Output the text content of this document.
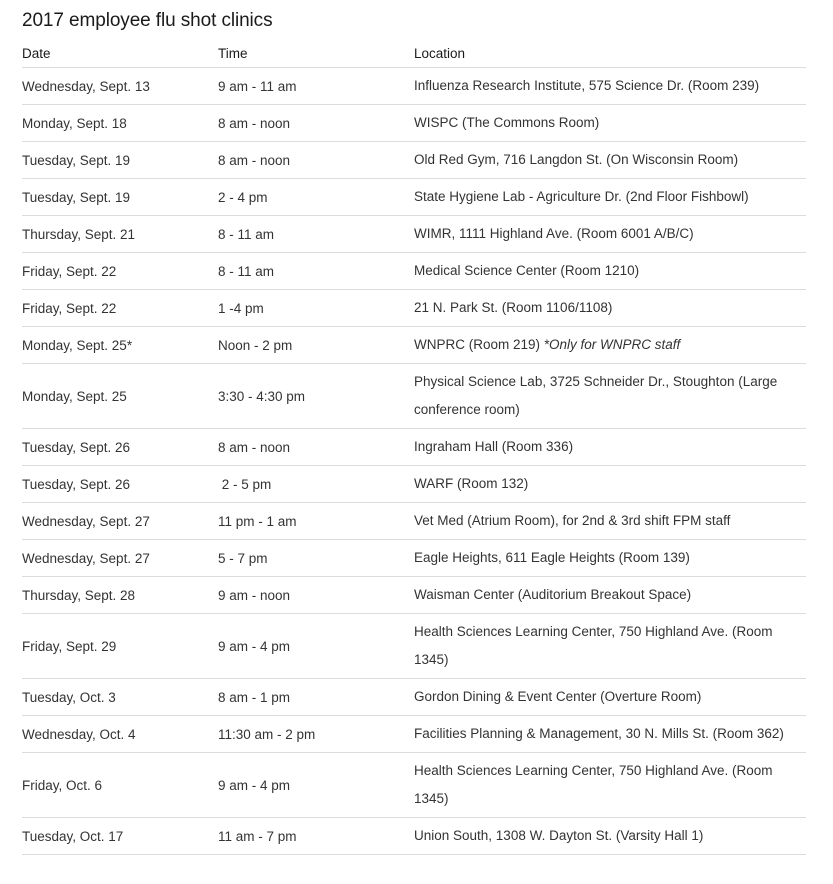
2017 employee flu shot clinics
Date	Time	Location
Wednesday, Sept. 13	9 am - 11 am	Influenza Research Institute, 575 Science Dr. (Room 239)
Monday, Sept. 18	8 am - noon	WISPC (The Commons Room)
Tuesday, Sept. 19	8 am - noon	Old Red Gym, 716 Langdon St. (On Wisconsin Room)
Tuesday, Sept. 19	2 - 4 pm	State Hygiene Lab - Agriculture Dr. (2nd Floor Fishbowl)
Thursday, Sept. 21	8 - 11 am	WIMR, 1111 Highland Ave. (Room 6001 A/B/C)
Friday, Sept. 22	8 - 11 am	Medical Science Center (Room 1210)
Friday, Sept. 22	1 -4 pm	21 N. Park St. (Room 1106/1108)
Monday, Sept. 25*	Noon - 2 pm	WNPRC (Room 219) *Only for WNPRC staff
Monday, Sept. 25	3:30 - 4:30 pm	Physical Science Lab, 3725 Schneider Dr., Stoughton (Large conference room)
Tuesday, Sept. 26	8 am - noon	Ingraham Hall (Room 336)
Tuesday, Sept. 26	2 - 5 pm	WARF (Room 132)
Wednesday, Sept. 27	11 pm - 1 am	Vet Med (Atrium Room), for 2nd & 3rd shift FPM staff
Wednesday, Sept. 27	5 - 7 pm	Eagle Heights, 611 Eagle Heights (Room 139)
Thursday, Sept. 28	9 am - noon	Waisman Center (Auditorium Breakout Space)
Friday, Sept. 29	9 am - 4 pm	Health Sciences Learning Center, 750 Highland Ave. (Room 1345)
Tuesday, Oct. 3	8 am - 1 pm	Gordon Dining & Event Center (Overture Room)
Wednesday, Oct. 4	11:30 am - 2 pm	Facilities Planning & Management, 30 N. Mills St. (Room 362)
Friday, Oct. 6	9 am - 4 pm	Health Sciences Learning Center, 750 Highland Ave. (Room 1345)
Tuesday, Oct. 17	11 am - 7 pm	Union South, 1308 W. Dayton St. (Varsity Hall 1)
